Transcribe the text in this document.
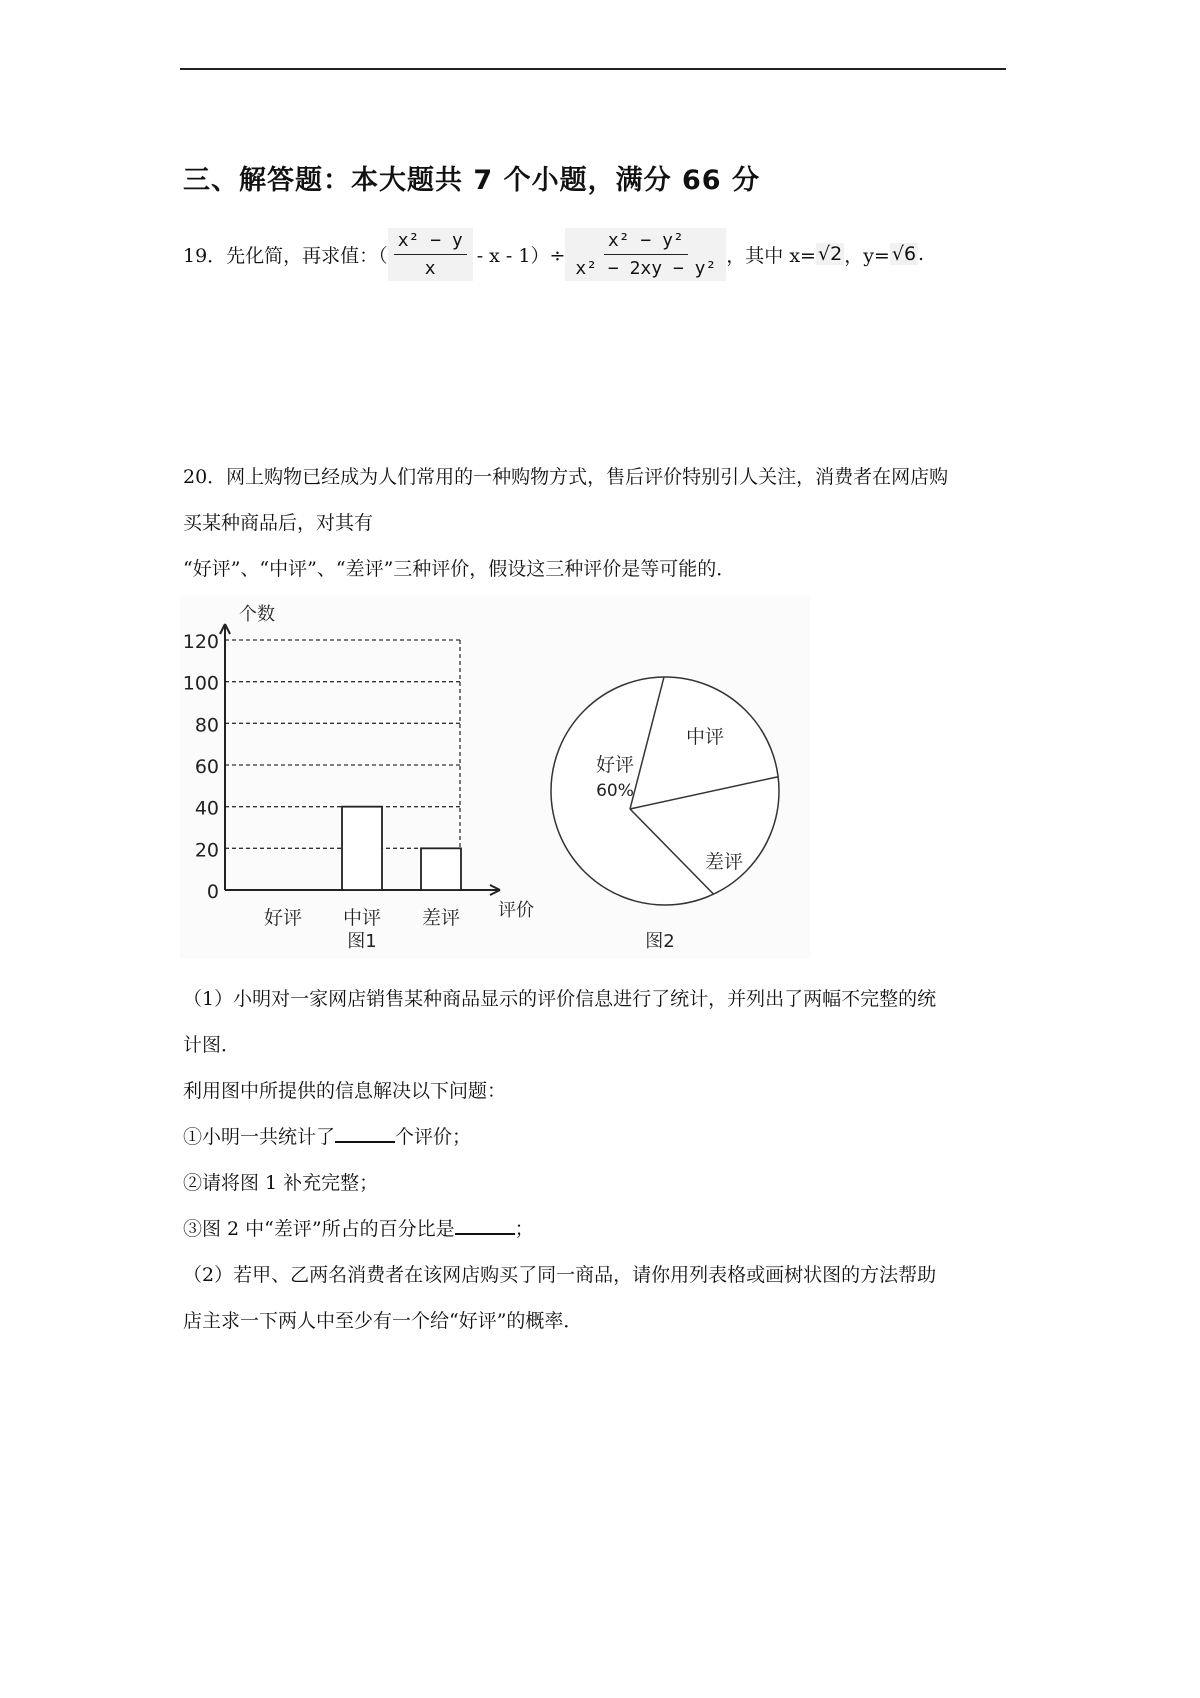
三、解答题：本大题共 7 个小题，满分 66 分
19．先化简，再求值：（ $\frac{\text{x² − y}}{x} - x - 1)\div \frac{\text{x² − y²}}{\text{x² − 2xy − y²}}$ ，其中 x= √2 ，y= √6 .
20．网上购物已经成为人们常用的一种购物方式，售后评价特别引人关注，消费者在网店购
买某种商品后，对其有
“好评”、“中评”、“差评”三种评价，假设这三种评价是等可能的．
0
20
40
60
80
100
120
个数
评价
好评 中评 差评
图1
中评
好评
60%
差评
图2
（1）小明对一家网店销售某种商品显示的评价信息进行了统计，并列出了两幅不完整的统
计图．
利用图中所提供的信息解决以下问题：
①小明一共统计了	个评价；
②请将图 1 补充完整；
③图 2 中“差评”所占的百分比是	；
（2）若甲、乙两名消费者在该网店购买了同一商品，请你用列表格或画树状图的方法帮助
店主求一下两人中至少有一个给“好评”的概率．
